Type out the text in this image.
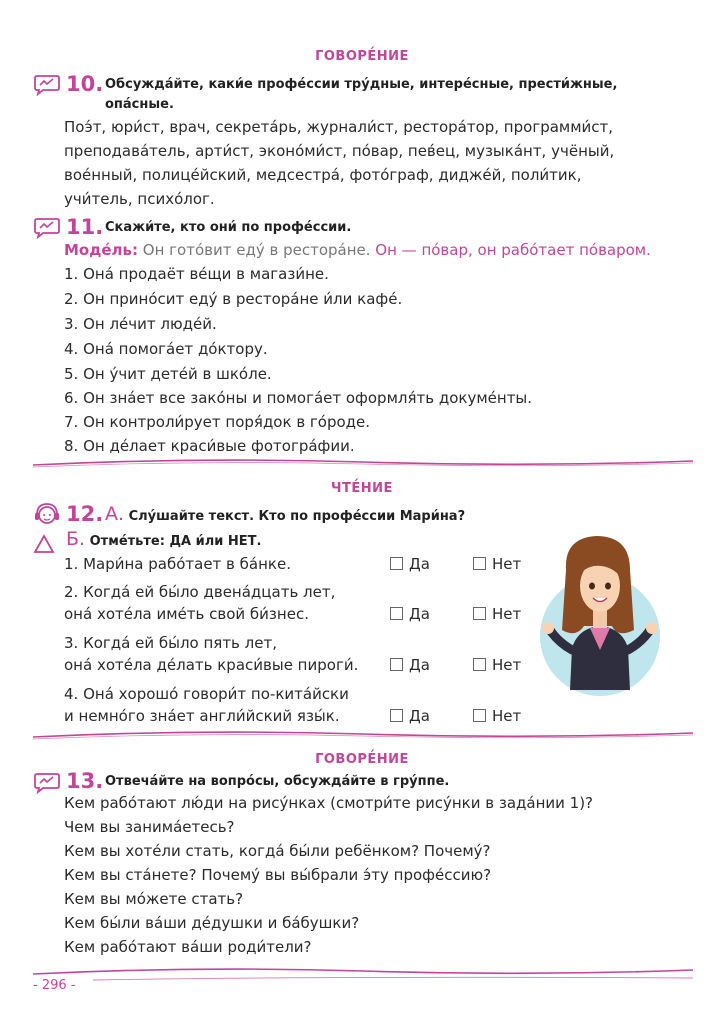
ГОВОРЕ́НИЕ
10. Обсужда́йте, каки́е профе́ссии тру́дные, интере́сные, прести́жные, опа́сные.
Поэ́т, юри́ст, врач, секрета́рь, журнали́ст, рестора́тор, программи́ст, преподава́тель, арти́ст, эконо́ми́ст, по́вар, пев́ец, музыка́нт, учёный, вое́нный, полице́йский, медсестра́, фото́граф, дидже́й, поли́тик, учи́тель, психо́лог.
11. Скажи́те, кто они́ по профе́ссии.
Моде́ль: Он гото́вит еду́ в рестора́не. Он — по́вар, он рабо́тает по́варом.
1. Она́ продаёт ве́щи в магази́не.
2. Он прино́сит еду́ в рестора́не и́ли кафе́.
3. Он ле́чит люде́й.
4. Она́ помога́ет до́ктору.
5. Он у́чит дете́й в шко́ле.
6. Он зна́ет все зако́ны и помога́ет оформля́ть докуме́нты.
7. Он контроли́рует поря́док в го́роде.
8. Он де́лает краси́вые фотогра́фии.
ЧТЕ́НИЕ
12. А. Слу́шайте текст. Кто по профе́ссии Мари́на?
Б. Отме́тьте: ДА и́ли НЕТ.
1. Мари́на рабо́тает в ба́нке.	Да	Нет
2. Когда́ ей бы́ло двена́дцать лет,
она́ хоте́ла име́ть свой би́знес.	Да	Нет
3. Когда́ ей бы́ло пять лет,
она́ хоте́ла де́лать краси́вые пироги́.	Да	Нет
4. Она́ хорошо́ говори́т по-кита́йски
и немно́го зна́ет англи́йский язы́к.	Да	Нет
ГОВОРЕ́НИЕ
13. Отвеча́йте на вопро́сы, обсужда́йте в гру́ппе.
Кем рабо́тают лю́ди на рису́нках (смотри́те рису́нки в зада́нии 1)?
Чем вы занима́етесь?
Кем вы хоте́ли стать, когда́ бы́ли ребёнком? Почему́?
Кем вы ста́нете? Почему́ вы вы́брали э́ту профе́ссию?
Кем вы мо́жете стать?
Кем бы́ли ва́ши де́душки и ба́бушки?
Кем рабо́тают ва́ши роди́тели?
- 296 -
